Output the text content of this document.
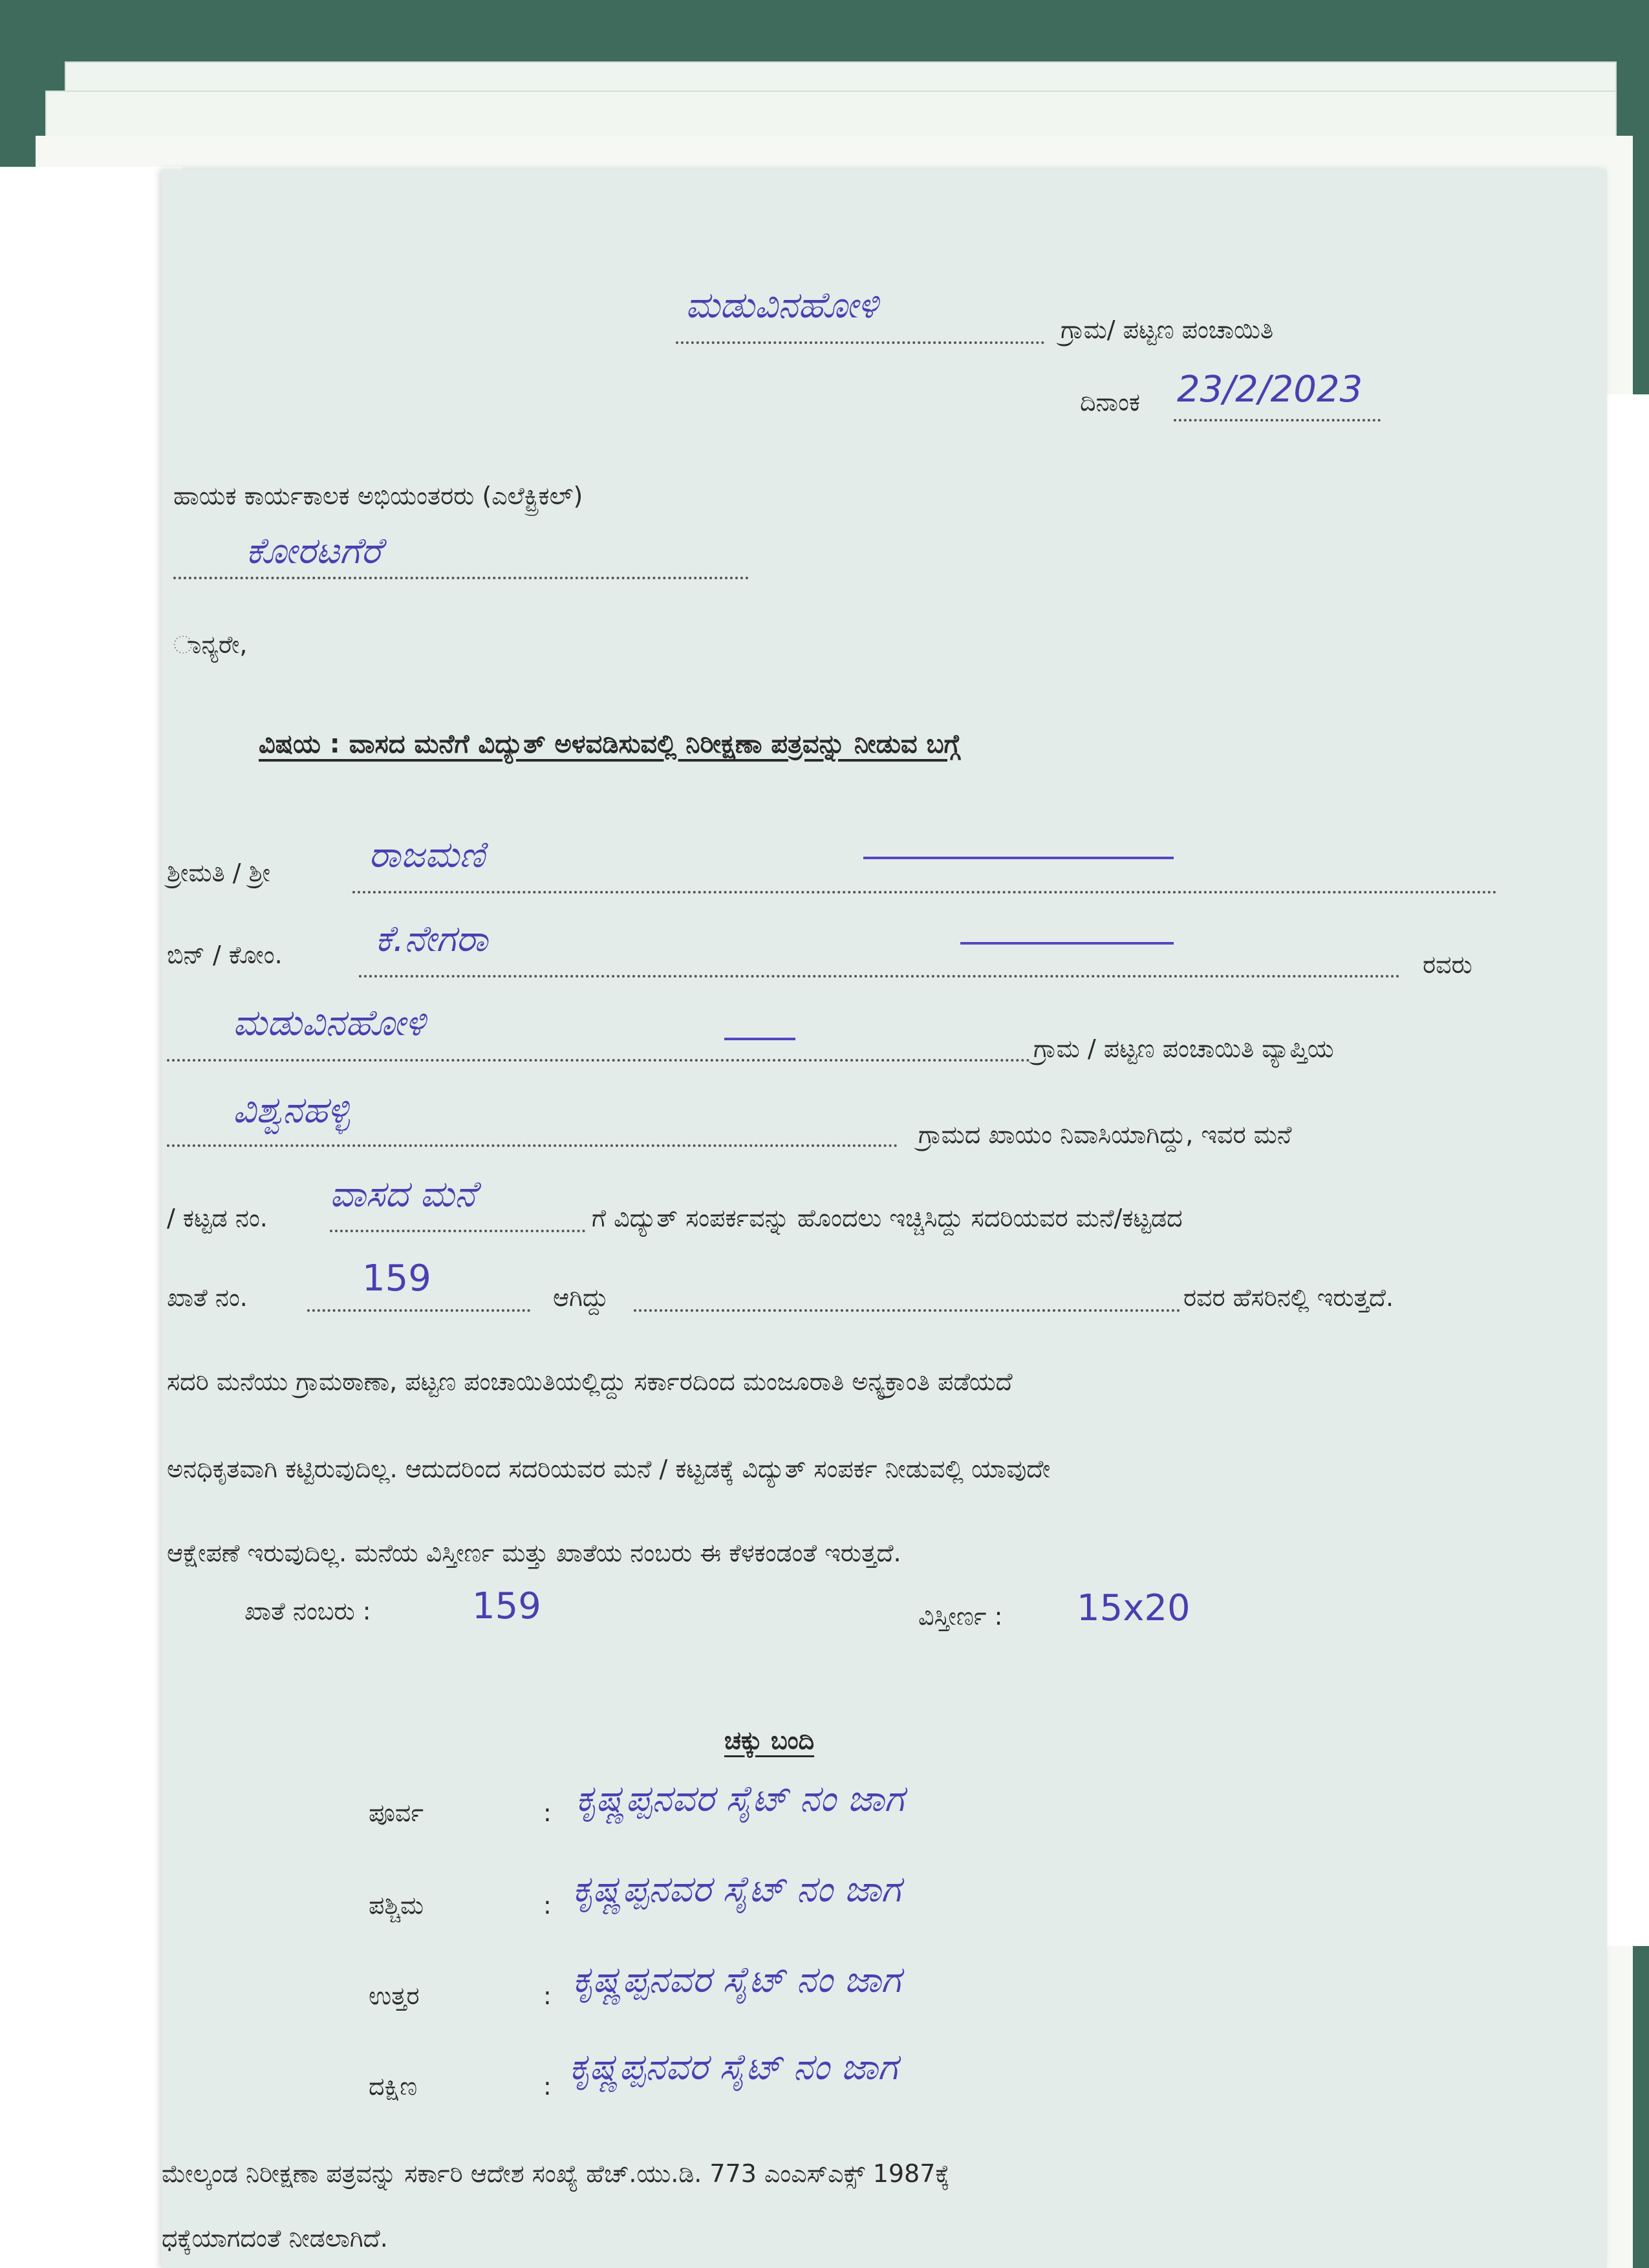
ಮಡುವಿನಹೋಳಿ
ಗ್ರಾಮ/ ಪಟ್ಟಣ ಪಂಚಾಯಿತಿ
ದಿನಾಂಕ 23/2/2023
ಹಾಯಕ ಕಾರ್ಯಕಾಲಕ ಅಭಿಯಂತರರು (ಎಲೆಕ್ಟ್ರಿಕಲ್)
ಕೋರಟಗೆರೆ
ಾನ್ಯರೇ,
ವಿಷಯ : ವಾಸದ ಮನೆಗೆ ವಿದ್ಯುತ್ ಅಳವಡಿಸುವಲ್ಲಿ ನಿರೀಕ್ಷಣಾ ಪತ್ರವನ್ನು ನೀಡುವ ಬಗ್ಗೆ
ಶ್ರೀಮತಿ / ಶ್ರೀ	ರಾಜಮಣಿ
ಬಿನ್ / ಕೋಂ.	ಕೆ.ನೇಗರಾ
ರವರು
ಮಡುವಿನಹೋಳಿ
ಗ್ರಾಮ / ಪಟ್ಟಣ ಪಂಚಾಯಿತಿ ವ್ಯಾಪ್ತಿಯ
ವಿಶ್ವನಹಳ್ಳಿ
ಗ್ರಾಮದ ಖಾಯಂ ನಿವಾಸಿಯಾಗಿದ್ದು, ಇವರ ಮನೆ
/ ಕಟ್ಟಡ ನಂ.
ವಾಸದ ಮನೆ
ಗೆ ವಿದ್ಯುತ್ ಸಂಪರ್ಕವನ್ನು ಹೊಂದಲು ಇಚ್ಚಿಸಿದ್ದು ಸದರಿಯವರ ಮನೆ/ಕಟ್ಟಡದ
ಖಾತೆ ನಂ.	159	ಆಗಿದ್ದು	ರವರ ಹೆಸರಿನಲ್ಲಿ ಇರುತ್ತದೆ.
ಸದರಿ ಮನೆಯು ಗ್ರಾಮಠಾಣಾ, ಪಟ್ಟಣ ಪಂಚಾಯಿತಿಯಲ್ಲಿದ್ದು ಸರ್ಕಾರದಿಂದ ಮಂಜೂರಾತಿ ಅನ್ಯಕ್ರಾಂತಿ ಪಡೆಯದೆ
ಅನಧಿಕೃತವಾಗಿ ಕಟ್ಟಿರುವುದಿಲ್ಲ. ಆದುದರಿಂದ ಸದರಿಯವರ ಮನೆ / ಕಟ್ಟಡಕ್ಕೆ ವಿದ್ಯುತ್ ಸಂಪರ್ಕ ನೀಡುವಲ್ಲಿ ಯಾವುದೇ
ಆಕ್ಷೇಪಣೆ ಇರುವುದಿಲ್ಲ. ಮನೆಯ ವಿಸ್ತೀರ್ಣ ಮತ್ತು ಖಾತೆಯ ನಂಬರು ಈ ಕೆಳಕಂಡಂತೆ ಇರುತ್ತದೆ.
ಖಾತೆ ನಂಬರು :	159	ವಿಸ್ತೀರ್ಣ : 15x20
ಚಕ್ಕು ಬಂದಿ
ಪೂರ್ವ	: ಕೃಷ್ಣಪ್ಪನವರ ಸೈಟ್ ನಂ ಜಾಗ
ಪಶ್ಚಿಮ	: ಕೃಷ್ಣಪ್ಪನವರ ಸೈಟ್ ನಂ ಜಾಗ
ಉತ್ತರ	: ಕೃಷ್ಣಪ್ಪನವರ ಸೈಟ್ ನಂ ಜಾಗ
ದಕ್ಷಿಣ	: ಕೃಷ್ಣಪ್ಪನವರ ಸೈಟ್ ನಂ ಜಾಗ
ಮೇಲ್ಕಂಡ ನಿರೀಕ್ಷಣಾ ಪತ್ರವನ್ನು ಸರ್ಕಾರಿ ಆದೇಶ ಸಂಖ್ಯೆ ಹೆಚ್.ಯು.ಡಿ. 773 ಎಂಎಸ್ಎಕ್ಸ್ 1987ಕ್ಕೆ
ಧಕ್ಕೆಯಾಗದಂತೆ ನೀಡಲಾಗಿದೆ.
